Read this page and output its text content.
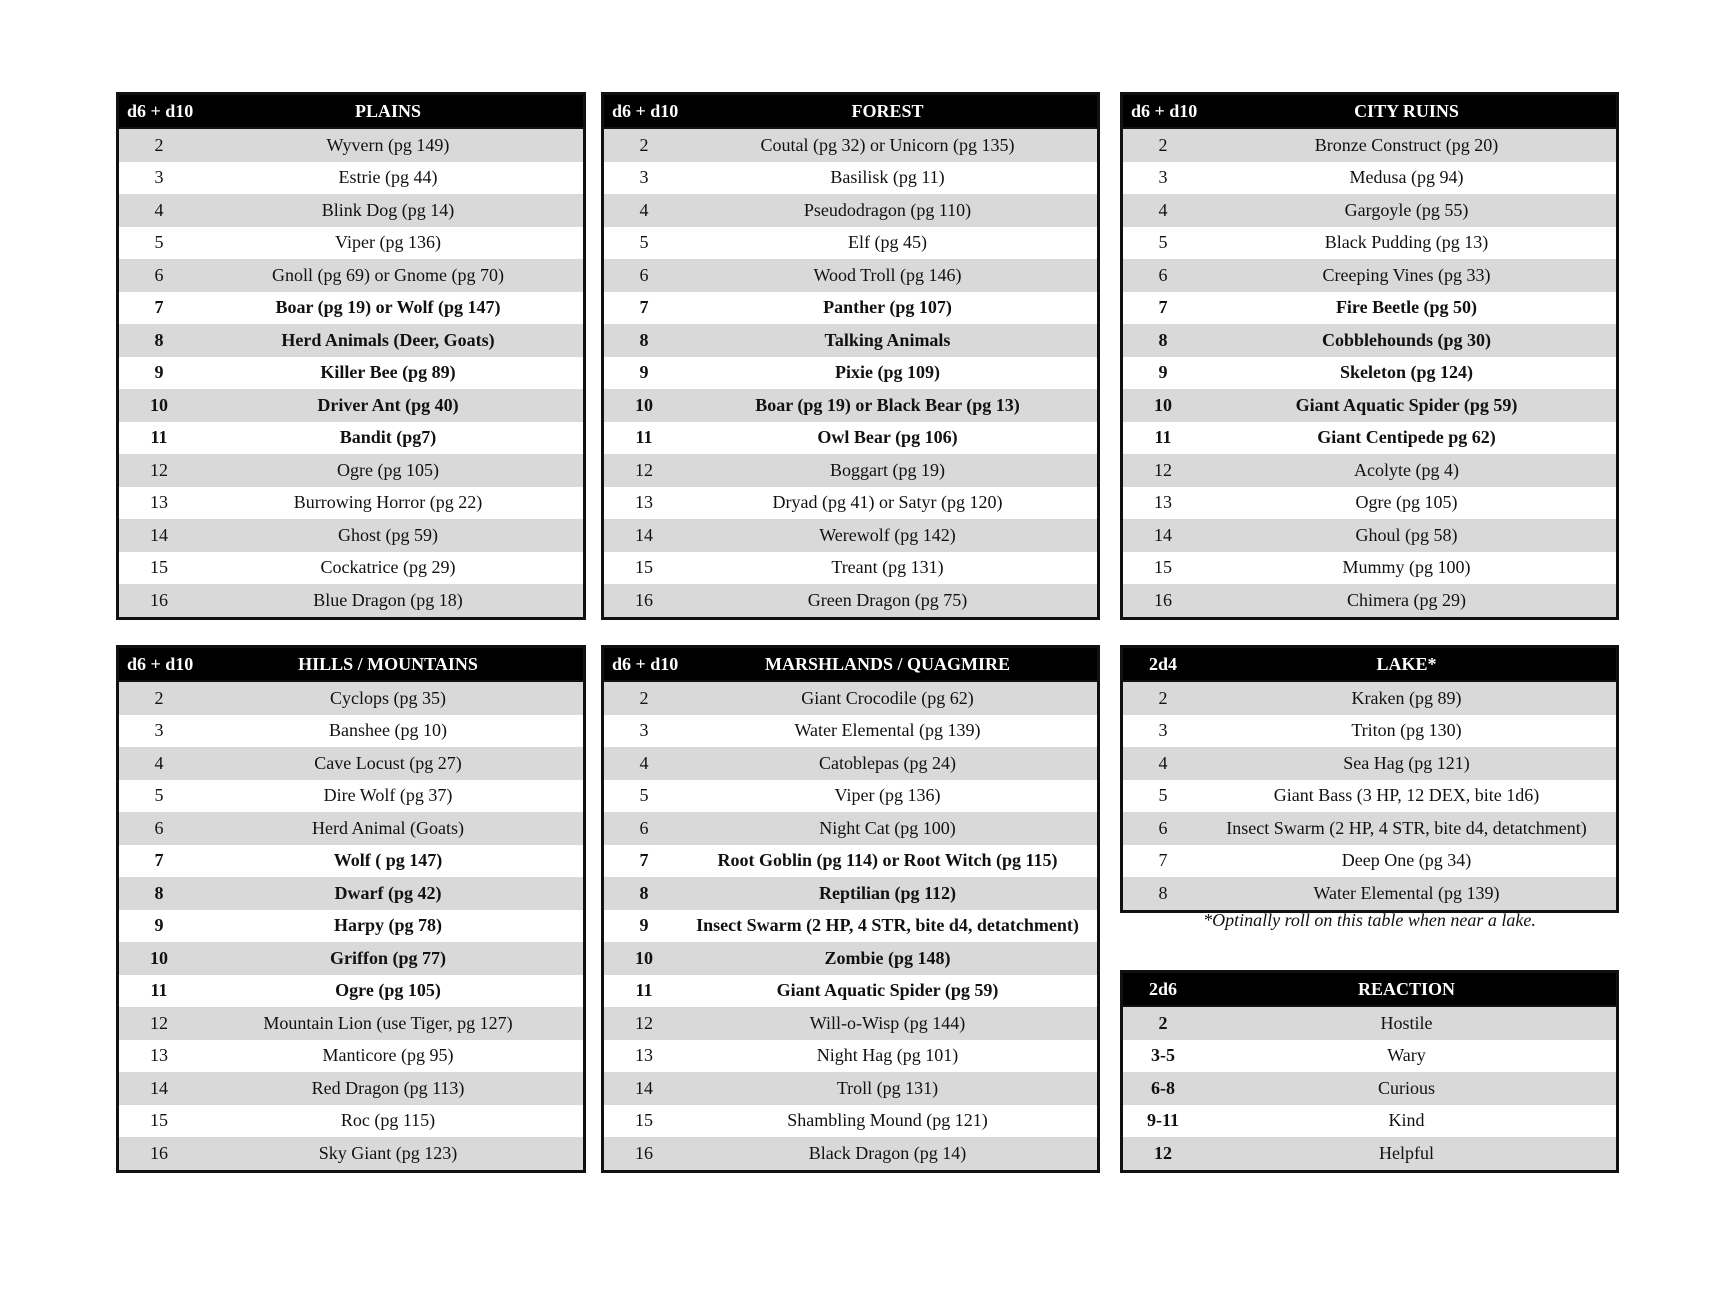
d6 + d10	PLAINS
2	Wyvern (pg 149)
3	Estrie (pg 44)
4	Blink Dog (pg 14)
5	Viper (pg 136)
6	Gnoll (pg 69) or Gnome (pg 70)
7	Boar (pg 19) or Wolf (pg 147)
8	Herd Animals (Deer, Goats)
9	Killer Bee (pg 89)
10	Driver Ant (pg 40)
11	Bandit (pg7)
12	Ogre (pg 105)
13	Burrowing Horror (pg 22)
14	Ghost (pg 59)
15	Cockatrice (pg 29)
16	Blue Dragon (pg 18)
d6 + d10	FOREST
2	Coutal (pg 32) or Unicorn (pg 135)
3	Basilisk (pg 11)
4	Pseudodragon (pg 110)
5	Elf (pg 45)
6	Wood Troll (pg 146)
7	Panther (pg 107)
8	Talking Animals
9	Pixie (pg 109)
10	Boar (pg 19) or Black Bear (pg 13)
11	Owl Bear (pg 106)
12	Boggart (pg 19)
13	Dryad (pg 41) or Satyr (pg 120)
14	Werewolf (pg 142)
15	Treant (pg 131)
16	Green Dragon (pg 75)
d6 + d10	CITY RUINS
2	Bronze Construct (pg 20)
3	Medusa (pg 94)
4	Gargoyle (pg 55)
5	Black Pudding (pg 13)
6	Creeping Vines (pg 33)
7	Fire Beetle (pg 50)
8	Cobblehounds (pg 30)
9	Skeleton (pg 124)
10	Giant Aquatic Spider (pg 59)
11	Giant Centipede pg 62)
12	Acolyte (pg 4)
13	Ogre (pg 105)
14	Ghoul (pg 58)
15	Mummy (pg 100)
16	Chimera (pg 29)
d6 + d10	HILLS / MOUNTAINS
2	Cyclops (pg 35)
3	Banshee (pg 10)
4	Cave Locust (pg 27)
5	Dire Wolf (pg 37)
6	Herd Animal (Goats)
7	Wolf ( pg 147)
8	Dwarf (pg 42)
9	Harpy (pg 78)
10	Griffon (pg 77)
11	Ogre (pg 105)
12	Mountain Lion (use Tiger, pg 127)
13	Manticore (pg 95)
14	Red Dragon (pg 113)
15	Roc (pg 115)
16	Sky Giant (pg 123)
d6 + d10	MARSHLANDS / QUAGMIRE
2	Giant Crocodile (pg 62)
3	Water Elemental (pg 139)
4	Catoblepas (pg 24)
5	Viper (pg 136)
6	Night Cat (pg 100)
7	Root Goblin (pg 114) or Root Witch (pg 115)
8	Reptilian (pg 112)
9	Insect Swarm (2 HP, 4 STR, bite d4, detatchment)
10	Zombie (pg 148)
11	Giant Aquatic Spider (pg 59)
12	Will-o-Wisp (pg 144)
13	Night Hag (pg 101)
14	Troll (pg 131)
15	Shambling Mound (pg 121)
16	Black Dragon (pg 14)
2d4	LAKE*
2	Kraken (pg 89)
3	Triton (pg 130)
4	Sea Hag (pg 121)
5	Giant Bass (3 HP, 12 DEX, bite 1d6)
6	Insect Swarm (2 HP, 4 STR, bite d4, detatchment)
7	Deep One (pg 34)
8	Water Elemental (pg 139)
*Optinally roll on this table when near a lake.
2d6	REACTION
2	Hostile
3-5	Wary
6-8	Curious
9-11	Kind
12	Helpful
